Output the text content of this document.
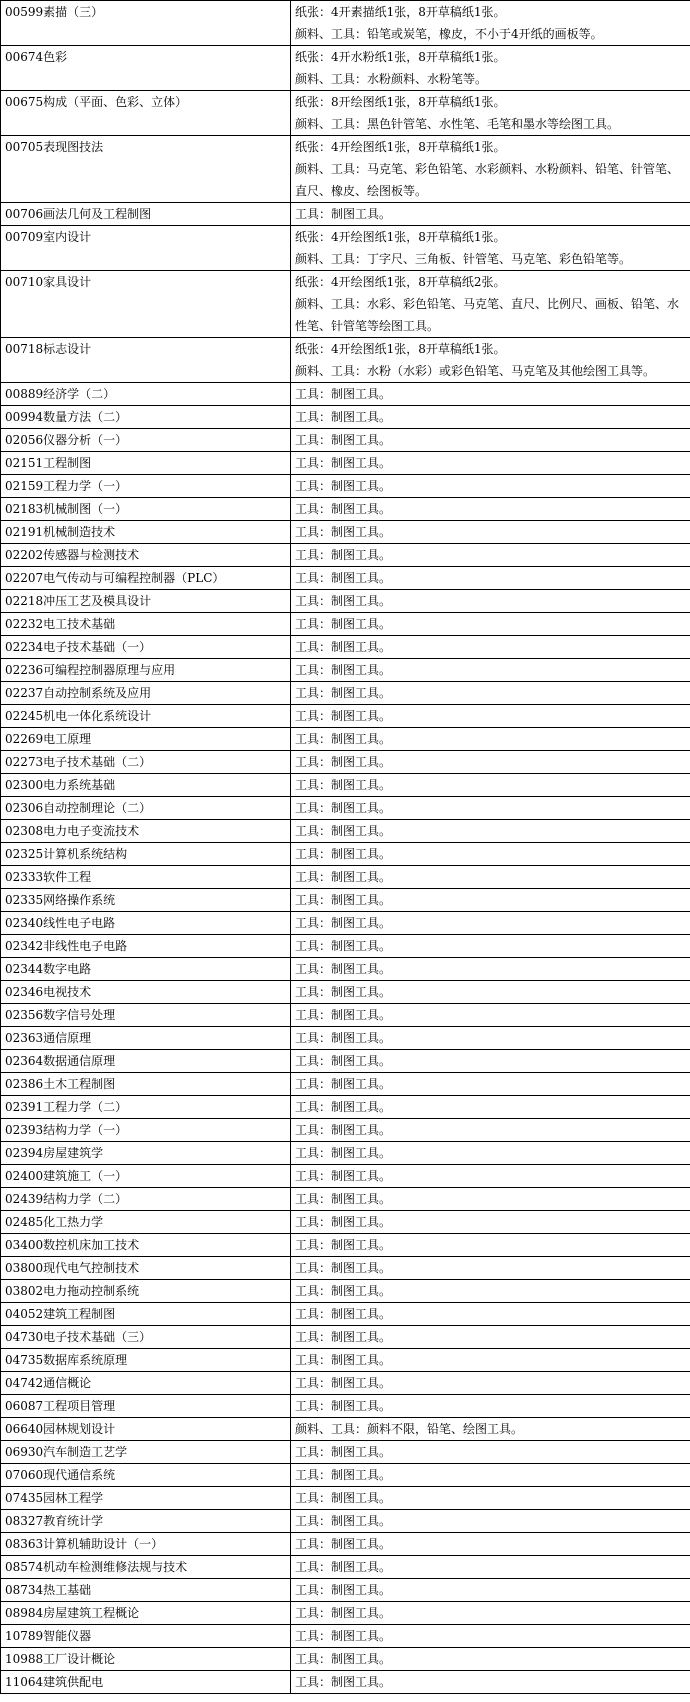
00599素描（三）	纸张：4开素描纸1张，8开草稿纸1张。
颜料、工具：铅笔或炭笔，橡皮，不小于4开纸的画板等。

00674色彩	纸张：4开水粉纸1张，8开草稿纸1张。
颜料、工具：水粉颜料、水粉笔等。

00675构成（平面、色彩、立体）	纸张：8开绘图纸1张，8开草稿纸1张。
颜料、工具：黑色针管笔、水性笔、毛笔和墨水等绘图工具。

00705表现图技法	纸张：4开绘图纸1张，8开草稿纸1张。
颜料、工具：马克笔、彩色铅笔、水彩颜料、水粉颜料、铅笔、针管笔、直尺、橡皮、绘图板等。

00706画法几何及工程制图	工具：制图工具。

00709室内设计	纸张：4开绘图纸1张，8开草稿纸1张。
颜料、工具：丁字尺、三角板、针管笔、马克笔、彩色铅笔等。

00710家具设计	纸张：4开绘图纸1张，8开草稿纸2张。
颜料、工具：水彩、彩色铅笔、马克笔、直尺、比例尺、画板、铅笔、水性笔、针管笔等绘图工具。

00718标志设计	纸张：4开绘图纸1张，8开草稿纸1张。
颜料、工具：水粉（水彩）或彩色铅笔、马克笔及其他绘图工具等。

00889经济学（二）	工具：制图工具。

00994数量方法（二）	工具：制图工具。

02056仪器分析（一）	工具：制图工具。

02151工程制图	工具：制图工具。

02159工程力学（一）	工具：制图工具。

02183机械制图（一）	工具：制图工具。

02191机械制造技术	工具：制图工具。

02202传感器与检测技术	工具：制图工具。

02207电气传动与可编程控制器（PLC）	工具：制图工具。

02218冲压工艺及模具设计	工具：制图工具。

02232电工技术基础	工具：制图工具。

02234电子技术基础（一）	工具：制图工具。

02236可编程控制器原理与应用	工具：制图工具。

02237自动控制系统及应用	工具：制图工具。

02245机电一体化系统设计	工具：制图工具。

02269电工原理	工具：制图工具。

02273电子技术基础（二）	工具：制图工具。

02300电力系统基础	工具：制图工具。

02306自动控制理论（二）	工具：制图工具。

02308电力电子变流技术	工具：制图工具。

02325计算机系统结构	工具：制图工具。

02333软件工程	工具：制图工具。

02335网络操作系统	工具：制图工具。

02340线性电子电路	工具：制图工具。

02342非线性电子电路	工具：制图工具。

02344数字电路	工具：制图工具。

02346电视技术	工具：制图工具。

02356数字信号处理	工具：制图工具。

02363通信原理	工具：制图工具。

02364数据通信原理	工具：制图工具。

02386土木工程制图	工具：制图工具。

02391工程力学（二）	工具：制图工具。

02393结构力学（一）	工具：制图工具。

02394房屋建筑学	工具：制图工具。

02400建筑施工（一）	工具：制图工具。

02439结构力学（二）	工具：制图工具。

02485化工热力学	工具：制图工具。

03400数控机床加工技术	工具：制图工具。

03800现代电气控制技术	工具：制图工具。

03802电力拖动控制系统	工具：制图工具。

04052建筑工程制图	工具：制图工具。

04730电子技术基础（三）	工具：制图工具。

04735数据库系统原理	工具：制图工具。

04742通信概论	工具：制图工具。

06087工程项目管理	工具：制图工具。

06640园林规划设计	颜料、工具：颜料不限，铅笔、绘图工具。

06930汽车制造工艺学	工具：制图工具。

07060现代通信系统	工具：制图工具。

07435园林工程学	工具：制图工具。

08327教育统计学	工具：制图工具。

08363计算机辅助设计（一）	工具：制图工具。

08574机动车检测维修法规与技术	工具：制图工具。

08734热工基础	工具：制图工具。

08984房屋建筑工程概论	工具：制图工具。

10789智能仪器	工具：制图工具。

10988工厂设计概论	工具：制图工具。

11064建筑供配电	工具：制图工具。
